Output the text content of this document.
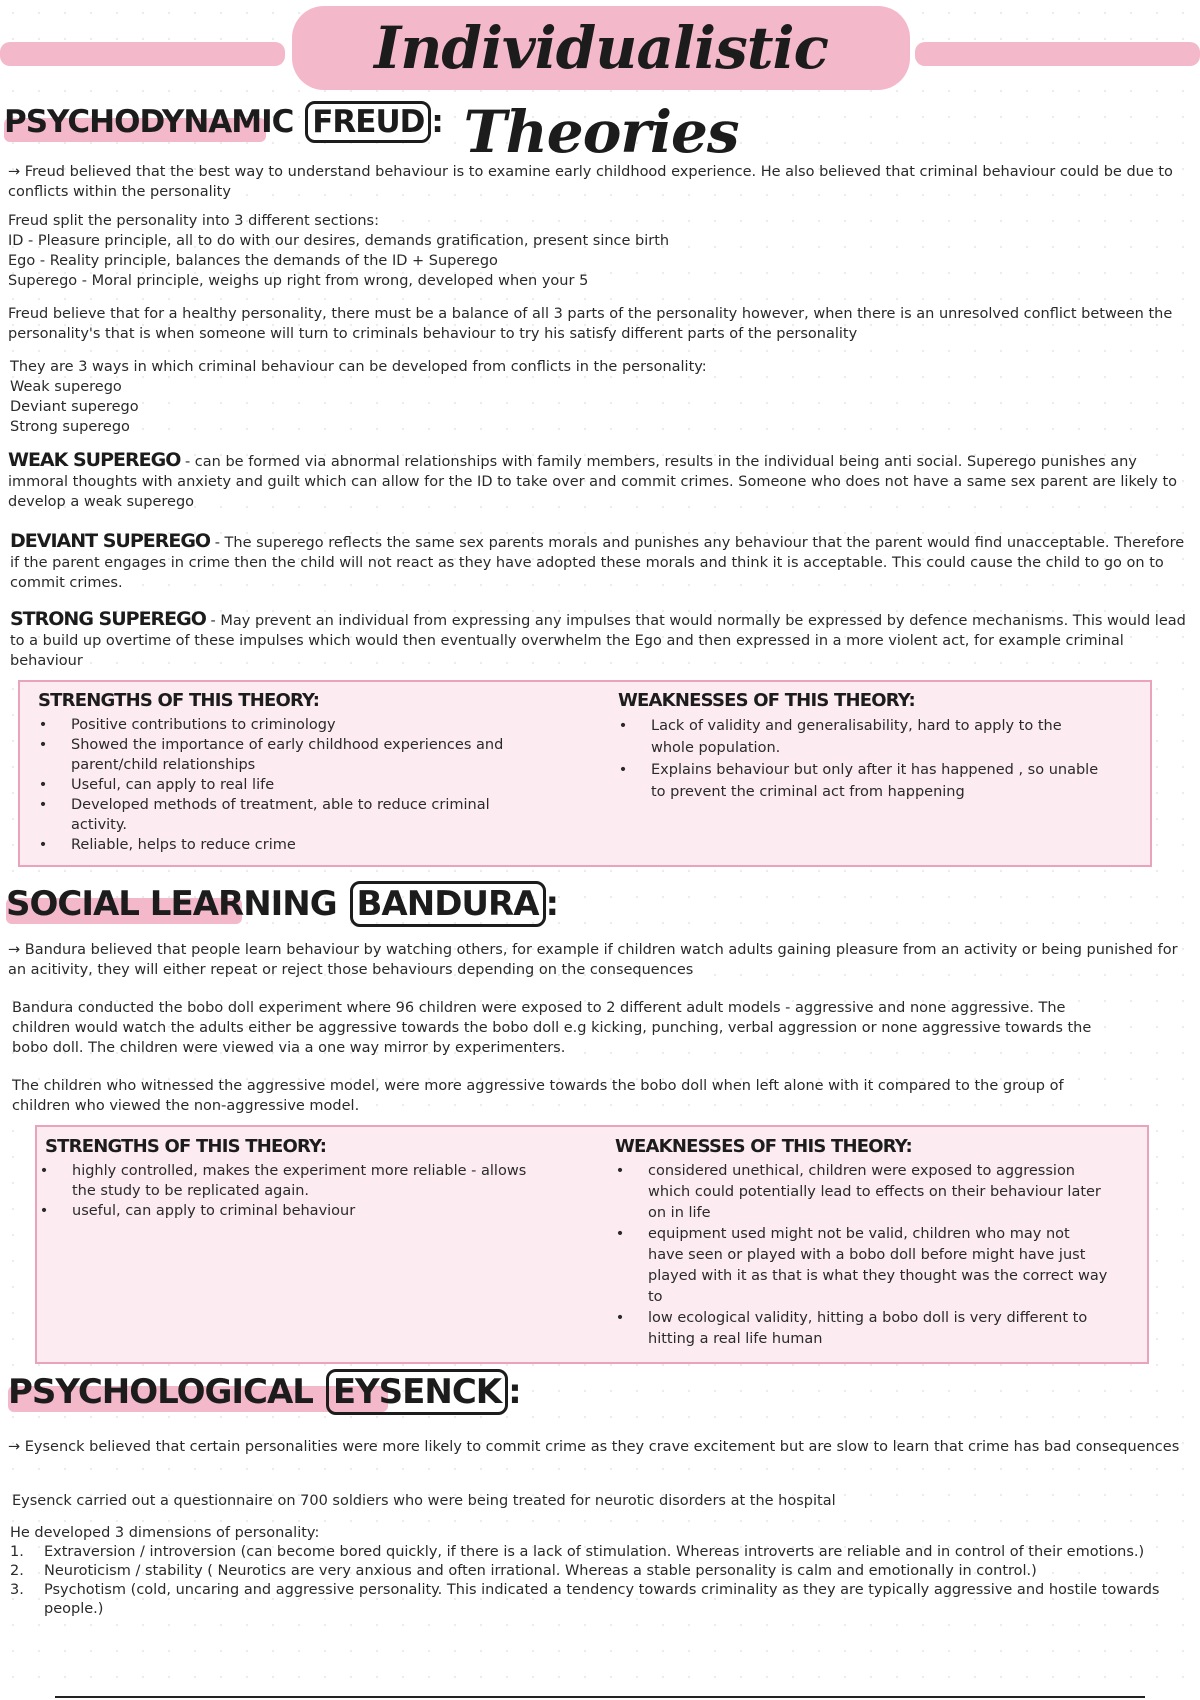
Individualistic Theories
PSYCHODYNAMIC FREUD :

→ Freud believed that the best way to understand behaviour is to examine early childhood experience. He also believed that criminal behaviour could be due to conflicts within the personality

Freud split the personality into 3 different sections:

ID - Pleasure principle, all to do with our desires, demands gratification, present since birth

Ego - Reality principle, balances the demands of the ID + Superego

Superego - Moral principle, weighs up right from wrong, developed when your 5

Freud believe that for a healthy personality, there must be a balance of all 3 parts of the personality however, when there is an unresolved conflict between the personality's that is when someone will turn to criminals behaviour to try his satisfy different parts of the personality

They are 3 ways in which criminal behaviour can be developed from conflicts in the personality:

Weak superego

Deviant superego

Strong superego

WEAK SUPEREGO - can be formed via abnormal relationships with family members, results in the individual being anti social. Superego punishes any immoral thoughts with anxiety and guilt which can allow for the ID to take over and commit crimes. Someone who does not have a same sex parent are likely to develop a weak superego

DEVIANT SUPEREGO - The superego reflects the same sex parents morals and punishes any behaviour that the parent would find unacceptable. Therefore if the parent engages in crime then the child will not react as they have adopted these morals and think it is acceptable. This could cause the child to go on to commit crimes.

STRONG SUPEREGO - May prevent an individual from expressing any impulses that would normally be expressed by defence mechanisms. This would lead to a build up overtime of these impulses which would then eventually overwhelm the Ego and then expressed in a more violent act, for example criminal behaviour

STRENGTHS OF THIS THEORY:
• Positive contributions to criminology
• Showed the importance of early childhood experiences and parent/child relationships
• Useful, can apply to real life
• Developed methods of treatment, able to reduce criminal activity.
• Reliable, helps to reduce crime
WEAKNESSES OF THIS THEORY:
• Lack of validity and generalisability, hard to apply to the whole population.
• Explains behaviour but only after it has happened , so unable to prevent the criminal act from happening
SOCIAL LEARNING BANDURA :

→ Bandura believed that people learn behaviour by watching others, for example if children watch adults gaining pleasure from an activity or being punished for an acitivity, they will either repeat or reject those behaviours depending on the consequences

Bandura conducted the bobo doll experiment where 96 children were exposed to 2 different adult models - aggressive and none aggressive. The children would watch the adults either be aggressive towards the bobo doll e.g kicking, punching, verbal aggression or none aggressive towards the bobo doll. The children were viewed via a one way mirror by experimenters.

The children who witnessed the aggressive model, were more aggressive towards the bobo doll when left alone with it compared to the group of children who viewed the non-aggressive model.

STRENGTHS OF THIS THEORY:
• highly controlled, makes the experiment more reliable - allows the study to be replicated again.
• useful, can apply to criminal behaviour
WEAKNESSES OF THIS THEORY:
• considered unethical, children were exposed to aggression which could potentially lead to effects on their behaviour later on in life
• equipment used might not be valid, children who may not have seen or played with a bobo doll before might have just played with it as that is what they thought was the correct way to
• low ecological validity, hitting a bobo doll is very different to hitting a real life human
PSYCHOLOGICAL EYSENCK :

→ Eysenck believed that certain personalities were more likely to commit crime as they crave excitement but are slow to learn that crime has bad consequences

Eysenck carried out a questionnaire on 700 soldiers who were being treated for neurotic disorders at the hospital

He developed 3 dimensions of personality:

1. Extraversion / introversion (can become bored quickly, if there is a lack of stimulation. Whereas introverts are reliable and in control of their emotions.)
2. Neuroticism / stability ( Neurotics are very anxious and often irrational. Whereas a stable personality is calm and emotionally in control.)
3. Psychotism (cold, uncaring and aggressive personality. This indicated a tendency towards criminality as they are typically aggressive and hostile towards people.)
